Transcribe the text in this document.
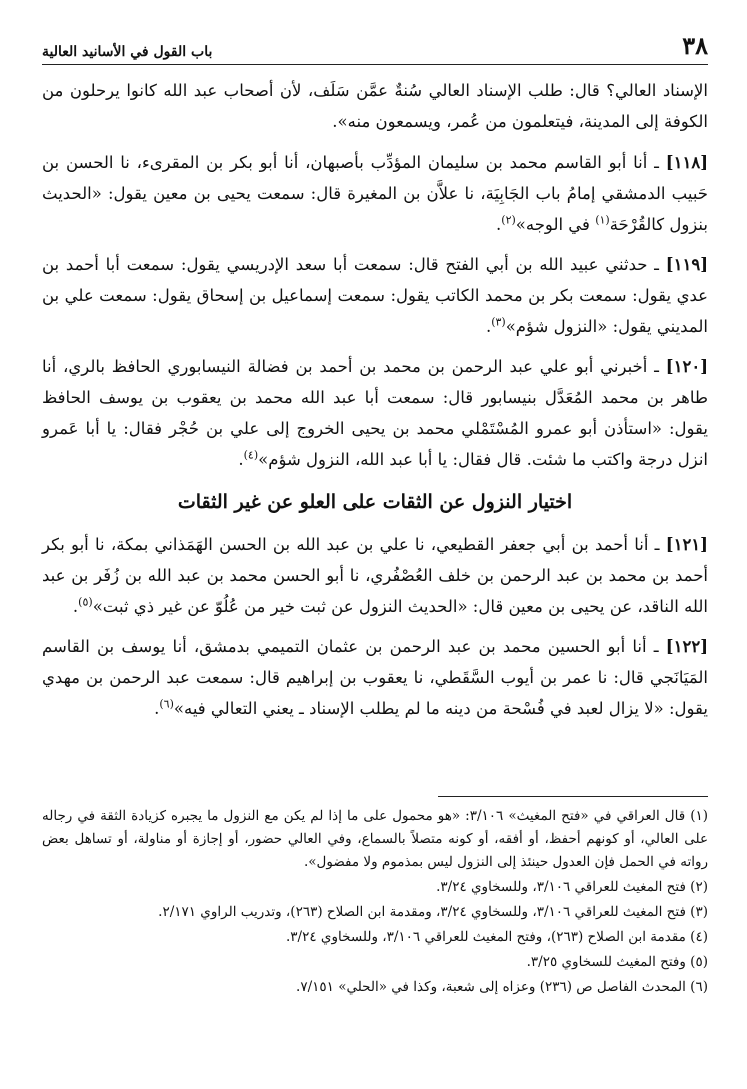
٣٨
باب القول في الأسانيد العالية

الإسناد العالي؟ قال: طلب الإسناد العالي سُنةٌ عمَّن سَلَف، لأن أصحاب عبد الله كانوا يرحلون من الكوفة إلى المدينة، فيتعلمون من عُمر، ويسمعون منه».

[١١٨] ـ أنا أبو القاسم محمد بن سليمان المؤدِّب بأصبهان، أنا أبو بكر بن المقرىء، نا الحسن بن حَبيب الدمشقي إمامُ باب الجَابِيَة، نا علاَّن بن المغيرة قال: سمعت يحيى بن معين يقول: «الحديث بنزول كالقُرْحَة$^{(١)}$ في الوجه»$^{(٢)}$.

[١١٩] ـ حدثني عبيد الله بن أبي الفتح قال: سمعت أبا سعد الإدريسي يقول: سمعت أبا أحمد بن عدي يقول: سمعت بكر بن محمد الكاتب يقول: سمعت إسماعيل بن إسحاق يقول: سمعت علي بن المديني يقول: «النزول شؤم»$^{(٣)}$.

[١٢٠] ـ أخبرني أبو علي عبد الرحمن بن محمد بن أحمد بن فضالة النيسابوري الحافظ بالري، أنا طاهر بن محمد المُعَدَّل بنيسابور قال: سمعت أبا عبد الله محمد بن يعقوب بن يوسف الحافظ يقول: «استأذن أبو عمرو المُسْتَمْلي محمد بن يحيى الخروج إلى علي بن حُجْر فقال: يا أبا عَمرو انزل درجة واكتب ما شئت. قال فقال: يا أبا عبد الله، النزول شؤم»$^{(٤)}$.

اختيار النزول عن الثقات على العلو عن غير الثقات

[١٢١] ـ أنا أحمد بن أبي جعفر القطيعي، نا علي بن عبد الله بن الحسن الهَمَذاني بمكة، نا أبو بكر أحمد بن محمد بن عبد الرحمن بن خلف العُصْفُري، نا أبو الحسن محمد بن عبد الله بن زُفَر بن عبد الله الناقد، عن يحيى بن معين قال: «الحديث النزول عن ثبت خير من عُلُوّ عن غير ذي ثبت»$^{(٥)}$.

[١٢٢] ـ أنا أبو الحسين محمد بن عبد الرحمن بن عثمان التميمي بدمشق، أنا يوسف بن القاسم المَيَانَجي قال: نا عمر بن أيوب السَّقَطي، نا يعقوب بن إبراهيم قال: سمعت عبد الرحمن بن مهدي يقول: «لا يزال لعبد في فُسْحة من دينه ما لم يطلب الإسناد ـ يعني التعالي فيه»$^{(٦)}$.

(١) قال العراقي في «فتح المغيث» ٣/١٠٦: «هو محمول على ما إذا لم يكن مع النزول ما يجبره كزيادة الثقة في رجاله على العالي، أو كونهم أحفظ، أو أفقه، أو كونه متصلاً بالسماع، وفي العالي حضور، أو إجازة أو مناولة، أو تساهل بعض رواته في الحمل فإن العدول حينئذ إلى النزول ليس بمذموم ولا مفضول».

(٢) فتح المغيث للعراقي ٣/١٠٦، وللسخاوي ٣/٢٤.

(٣) فتح المغيث للعراقي ٣/١٠٦، وللسخاوي ٣/٢٤، ومقدمة ابن الصلاح (٢٦٣)، وتدريب الراوي ٢/١٧١.

(٤) مقدمة ابن الصلاح (٢٦٣)، وفتح المغيث للعراقي ٣/١٠٦، وللسخاوي ٣/٢٤.

(٥) وفتح المغيث للسخاوي ٣/٢٥.

(٦) المحدث الفاصل ص (٢٣٦) وعزاه إلى شعبة، وكذا في «الحلي» ٧/١٥١.
